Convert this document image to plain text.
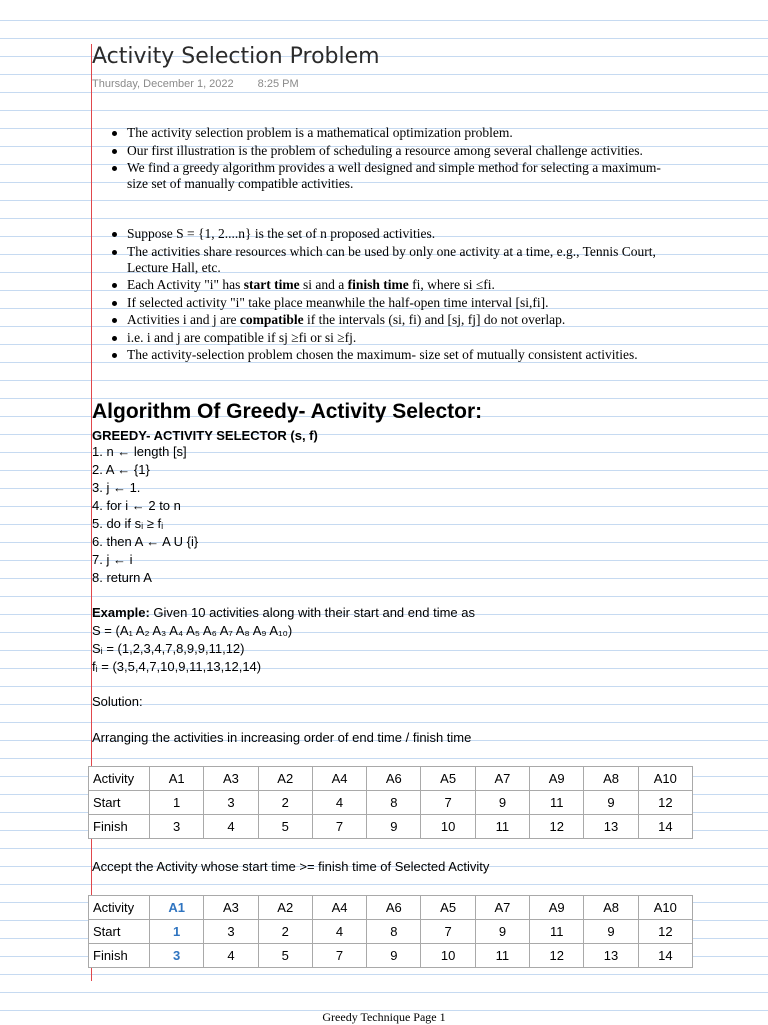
Activity Selection Problem
Thursday, December 1, 2022 8:25 PM
The activity selection problem is a mathematical optimization problem.
Our first illustration is the problem of scheduling a resource among several challenge activities.
We find a greedy algorithm provides a well designed and simple method for selecting a maximum- size set of manually compatible activities.
Suppose S = {1, 2....n} is the set of n proposed activities.
The activities share resources which can be used by only one activity at a time, e.g., Tennis Court, Lecture Hall, etc.
Each Activity "i" has start time si and a finish time fi, where si ≤fi.
If selected activity "i" take place meanwhile the half-open time interval [si,fi].
Activities i and j are compatible if the intervals (si, fi) and [sj, fj] do not overlap.
i.e. i and j are compatible if sj ≥fi or si ≥fj.
The activity-selection problem chosen the maximum- size set of mutually consistent activities.
Algorithm Of Greedy- Activity Selector:
GREEDY- ACTIVITY SELECTOR (s, f)
1. n ← length [s]
2. A ← {1}
3. j ← 1.
4. for i ← 2 to n
5. do if sᵢ ≥ fᵢ
6. then A ← A U {i}
7. j ← i
8. return A
Example: Given 10 activities along with their start and end time as
S = (A₁ A₂ A₃ A₄ A₅ A₆ A₇ A₈ A₉ A₁₀)
Sᵢ = (1,2,3,4,7,8,9,9,11,12)
fᵢ = (3,5,4,7,10,9,11,13,12,14)
Solution:
Arranging the activities in increasing order of end time / finish time
Activity	A1	A3	A2	A4	A6	A5	A7	A9	A8	A10
Start	1	3	2	4	8	7	9	11	9	12
Finish	3	4	5	7	9	10	11	12	13	14
Accept the Activity whose start time >= finish time of Selected Activity
Activity	A1	A3	A2	A4	A6	A5	A7	A9	A8	A10
Start	1	3	2	4	8	7	9	11	9	12
Finish	3	4	5	7	9	10	11	12	13	14
Greedy Technique Page 1
